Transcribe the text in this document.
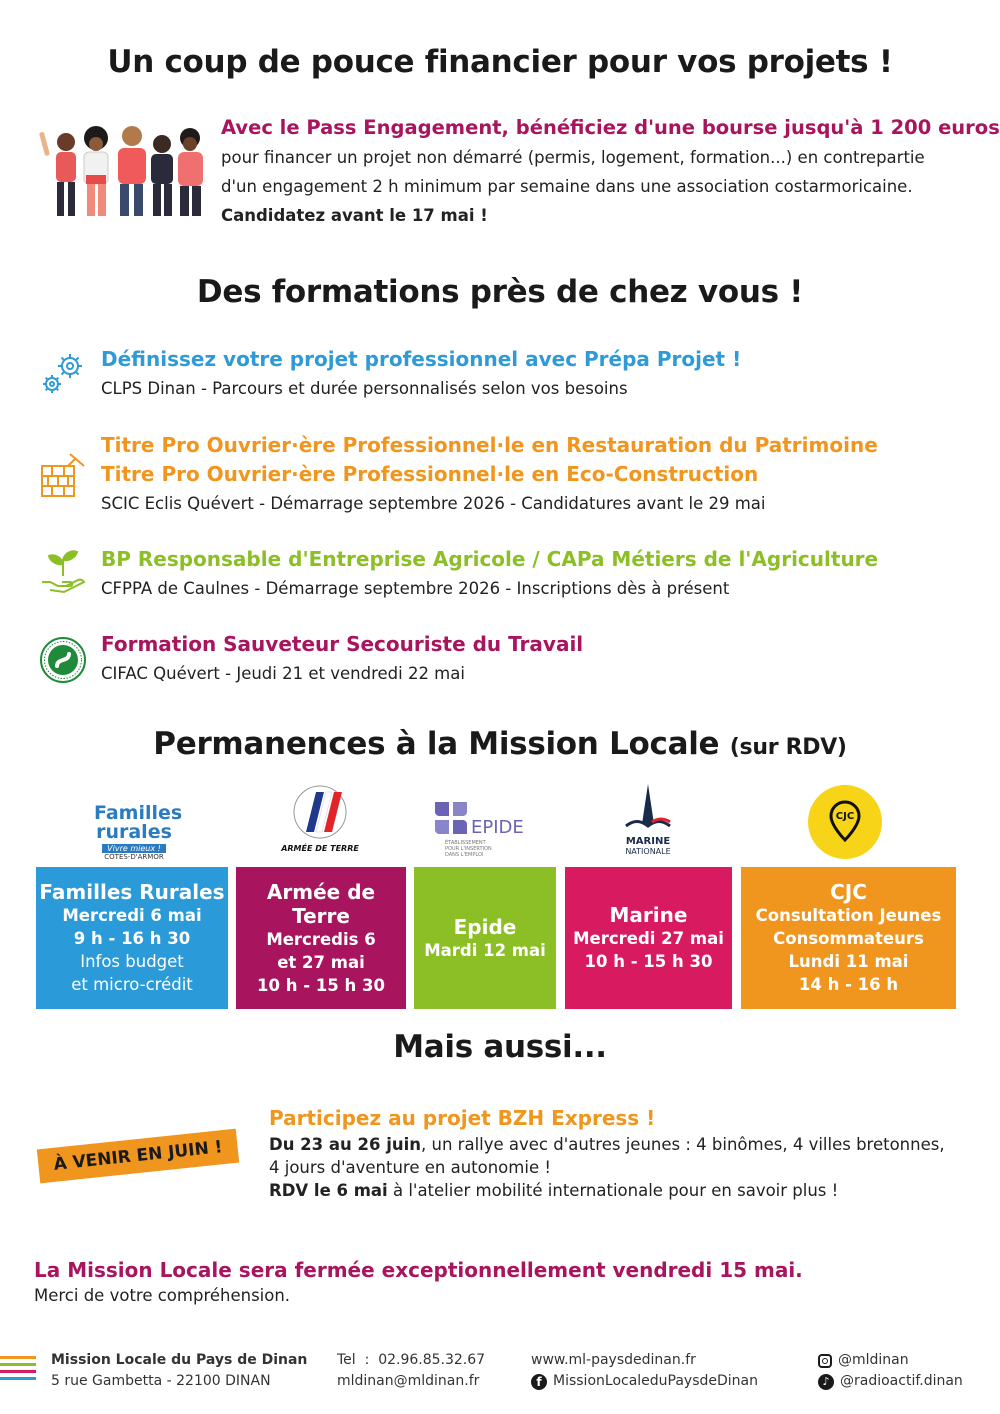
Un coup de pouce financier pour vos projets !
Avec le Pass Engagement, bénéficiez d'une bourse jusqu'à 1 200 euros
pour financer un projet non démarré (permis, logement, formation...) en contrepartie
d'un engagement 2 h minimum par semaine dans une association costarmoricaine.
Candidatez avant le 17 mai !
Des formations près de chez vous !
Définissez votre projet professionnel avec Prépa Projet !
CLPS Dinan - Parcours et durée personnalisés selon vos besoins
Titre Pro Ouvrier·ère Professionnel·le en Restauration du Patrimoine
Titre Pro Ouvrier·ère Professionnel·le en Eco-Construction
SCIC Eclis Quévert - Démarrage septembre 2026 - Candidatures avant le 29 mai
BP Responsable d'Entreprise Agricole / CAPa Métiers de l'Agriculture
CFPPA de Caulnes - Démarrage septembre 2026 - Inscriptions dès à présent
Formation Sauveteur Secouriste du Travail
CIFAC Quévert - Jeudi 21 et vendredi 22 mai
Permanences à la Mission Locale (sur RDV)
Familles
rurales
Vivre mieux !
CÔTES-D'ARMOR
ARMÉE DE TERRE
EPIDE
ÉTABLISSEMENT
POUR L'INSERTION
DANS L'EMPLOI
MARINE
NATIONALE
CJC
Familles Rurales
Mercredi 6 mai
9 h - 16 h 30
Infos budget
et micro-crédit
Armée de Terre
Mercredis 6
et 27 mai
10 h - 15 h 30
Epide
Mardi 12 mai
Marine
Mercredi 27 mai
10 h - 15 h 30
CJC
Consultation Jeunes
Consommateurs
Lundi 11 mai
14 h - 16 h
Mais aussi...
À VENIR EN JUIN !
Participez au projet BZH Express !
Du 23 au 26 juin, un rallye avec d'autres jeunes : 4 binômes, 4 villes bretonnes,
4 jours d'aventure en autonomie !
RDV le 6 mai à l'atelier mobilité internationale pour en savoir plus !
La Mission Locale sera fermée exceptionnellement vendredi 15 mai.
Merci de votre compréhension.
Mission Locale du Pays de Dinan
5 rue Gambetta - 22100 DINAN
Tel  :  02.96.85.32.67
mldinan@mldinan.fr
www.ml-paysdedinan.fr
f MissionLocaleduPaysdeDinan
@mldinan
♪ @radioactif.dinan
